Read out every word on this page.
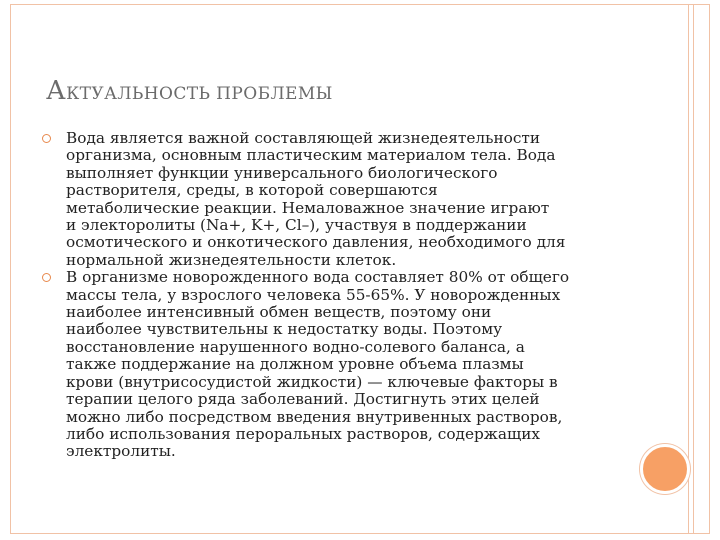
АКТУАЛЬНОСТЬ ПРОБЛЕМЫ
Вода является важной составляющей жизнедеятельности
организма, основным пластическим материалом тела. Вода
выполняет функции универсального биологического
растворителя, среды, в которой совершаются
метаболические реакции. Немаловажное значение играют
и электоролиты (Na+, K+, Cl–), участвуя в поддержании
осмотического и онкотического давления, необходимого для
нормальной жизнедеятельности клеток.
В организме новорожденного вода составляет 80% от общего
массы тела, у взрослого человека 55-65%. У новорожденных
наиболее интенсивный обмен веществ, поэтому они
наиболее чувствительны к недостатку воды. Поэтому
восстановление нарушенного водно-солевого баланса, а
также поддержание на должном уровне объема плазмы
крови (внутрисосудистой жидкости) — ключевые факторы в
терапии целого ряда заболеваний. Достигнуть этих целей
можно либо посредством введения внутривенных растворов,
либо использования пероральных растворов, содержащих
электролиты.
